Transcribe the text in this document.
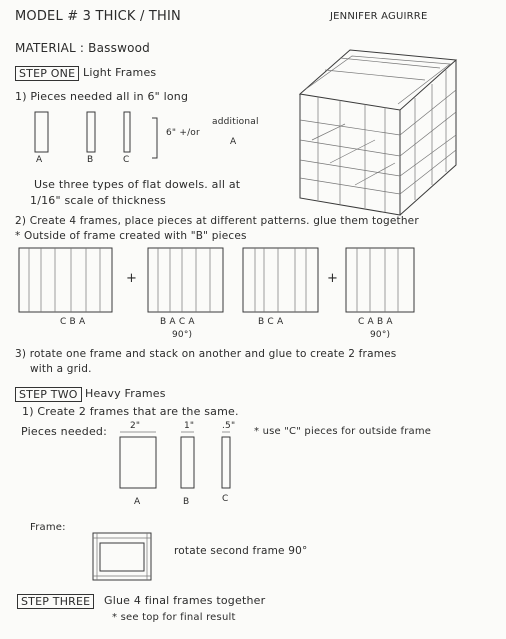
MODEL # 3 THICK / THIN	JENNIFER AGUIRRE
MATERIAL : Basswood
STEP ONE Light Frames
1) Pieces needed all in 6" long
A	B	C
6" +/or
additional
A
Use three types of flat dowels. all at
1/16" scale of thickness
2) Create 4 frames, place pieces at different patterns. glue them together
* Outside of frame created with "B" pieces
+	+
C B A	B A C A	B C A	C A B A
90°)	90°)
3) rotate one frame and stack on another and glue to create 2 frames
with a grid.
STEP TWO Heavy Frames
1) Create 2 frames that are the same.
Pieces needed:	2"	1"	.5" * use "C" pieces for outside frame
A	B	C
Frame:
rotate second frame 90°
STEP THREE	Glue 4 final frames together
* see top for final result
